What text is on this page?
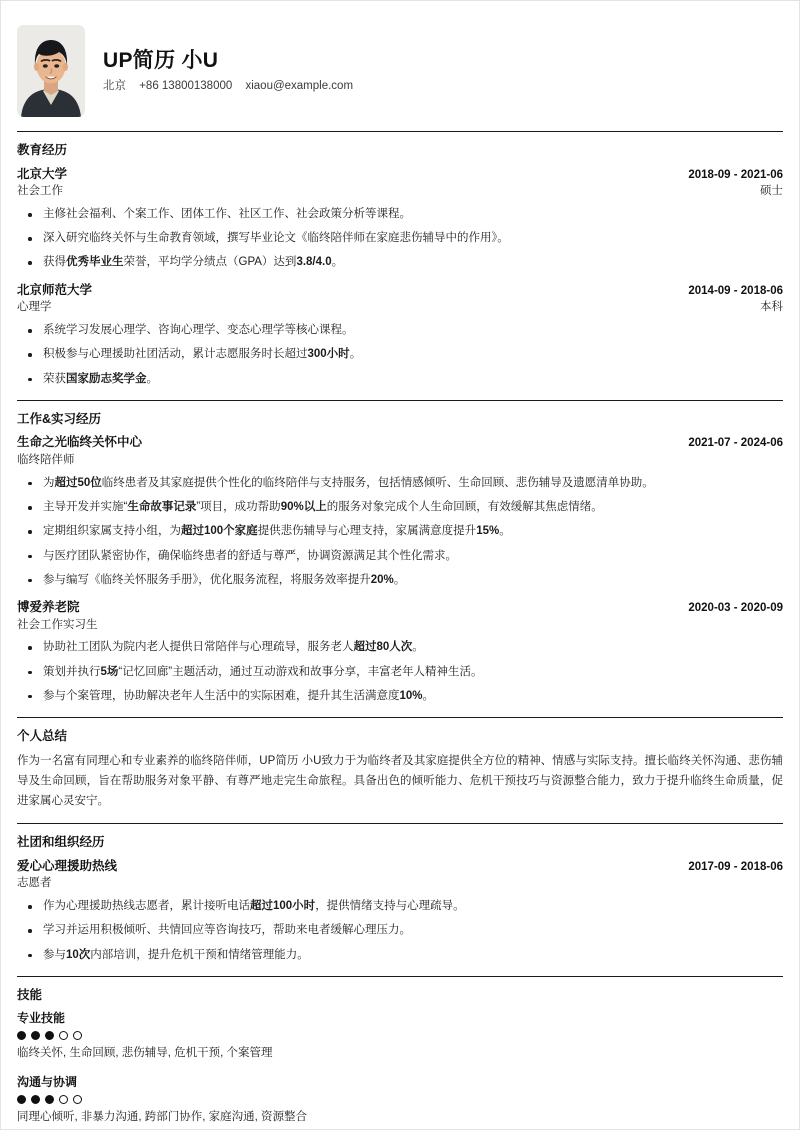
UP简历 小U
北京 +86 13800138000 xiaou@example.com
教育经历
北京大学	2018-09 - 2021-06
社会工作	硕士
主修社会福利、个案工作、团体工作、社区工作、社会政策分析等课程。
深入研究临终关怀与生命教育领域，撰写毕业论文《临终陪伴师在家庭悲伤辅导中的作用》。
获得优秀毕业生荣誉，平均学分绩点（GPA）达到3.8/4.0。
北京师范大学	2014-09 - 2018-06
心理学	本科
系统学习发展心理学、咨询心理学、变态心理学等核心课程。
积极参与心理援助社团活动，累计志愿服务时长超过300小时。
荣获国家励志奖学金。
工作&实习经历
生命之光临终关怀中心	2021-07 - 2024-06
临终陪伴师
为超过50位临终患者及其家庭提供个性化的临终陪伴与支持服务，包括情感倾听、生命回顾、悲伤辅导及遗愿清单协助。
主导开发并实施“生命故事记录”项目，成功帮助90%以上的服务对象完成个人生命回顾，有效缓解其焦虑情绪。
定期组织家属支持小组，为超过100个家庭提供悲伤辅导与心理支持，家属满意度提升15%。
与医疗团队紧密协作，确保临终患者的舒适与尊严，协调资源满足其个性化需求。
参与编写《临终关怀服务手册》，优化服务流程，将服务效率提升20%。
博爱养老院	2020-03 - 2020-09
社会工作实习生
协助社工团队为院内老人提供日常陪伴与心理疏导，服务老人超过80人次。
策划并执行5场“记忆回廊”主题活动，通过互动游戏和故事分享，丰富老年人精神生活。
参与个案管理，协助解决老年人生活中的实际困难，提升其生活满意度10%。
个人总结
作为一名富有同理心和专业素养的临终陪伴师，UP简历 小U致力于为临终者及其家庭提供全方位的精神、情感与实际支持。擅长临终关怀沟通、悲伤辅导及生命回顾，旨在帮助服务对象平静、有尊严地走完生命旅程。具备出色的倾听能力、危机干预技巧与资源整合能力，致力于提升临终生命质量，促进家属心灵安宁。
社团和组织经历
爱心心理援助热线	2017-09 - 2018-06
志愿者
作为心理援助热线志愿者，累计接听电话超过100小时，提供情绪支持与心理疏导。
学习并运用积极倾听、共情回应等咨询技巧，帮助来电者缓解心理压力。
参与10次内部培训，提升危机干预和情绪管理能力。
技能
专业技能
临终关怀, 生命回顾, 悲伤辅导, 危机干预, 个案管理
沟通与协调
同理心倾听, 非暴力沟通, 跨部门协作, 家庭沟通, 资源整合
